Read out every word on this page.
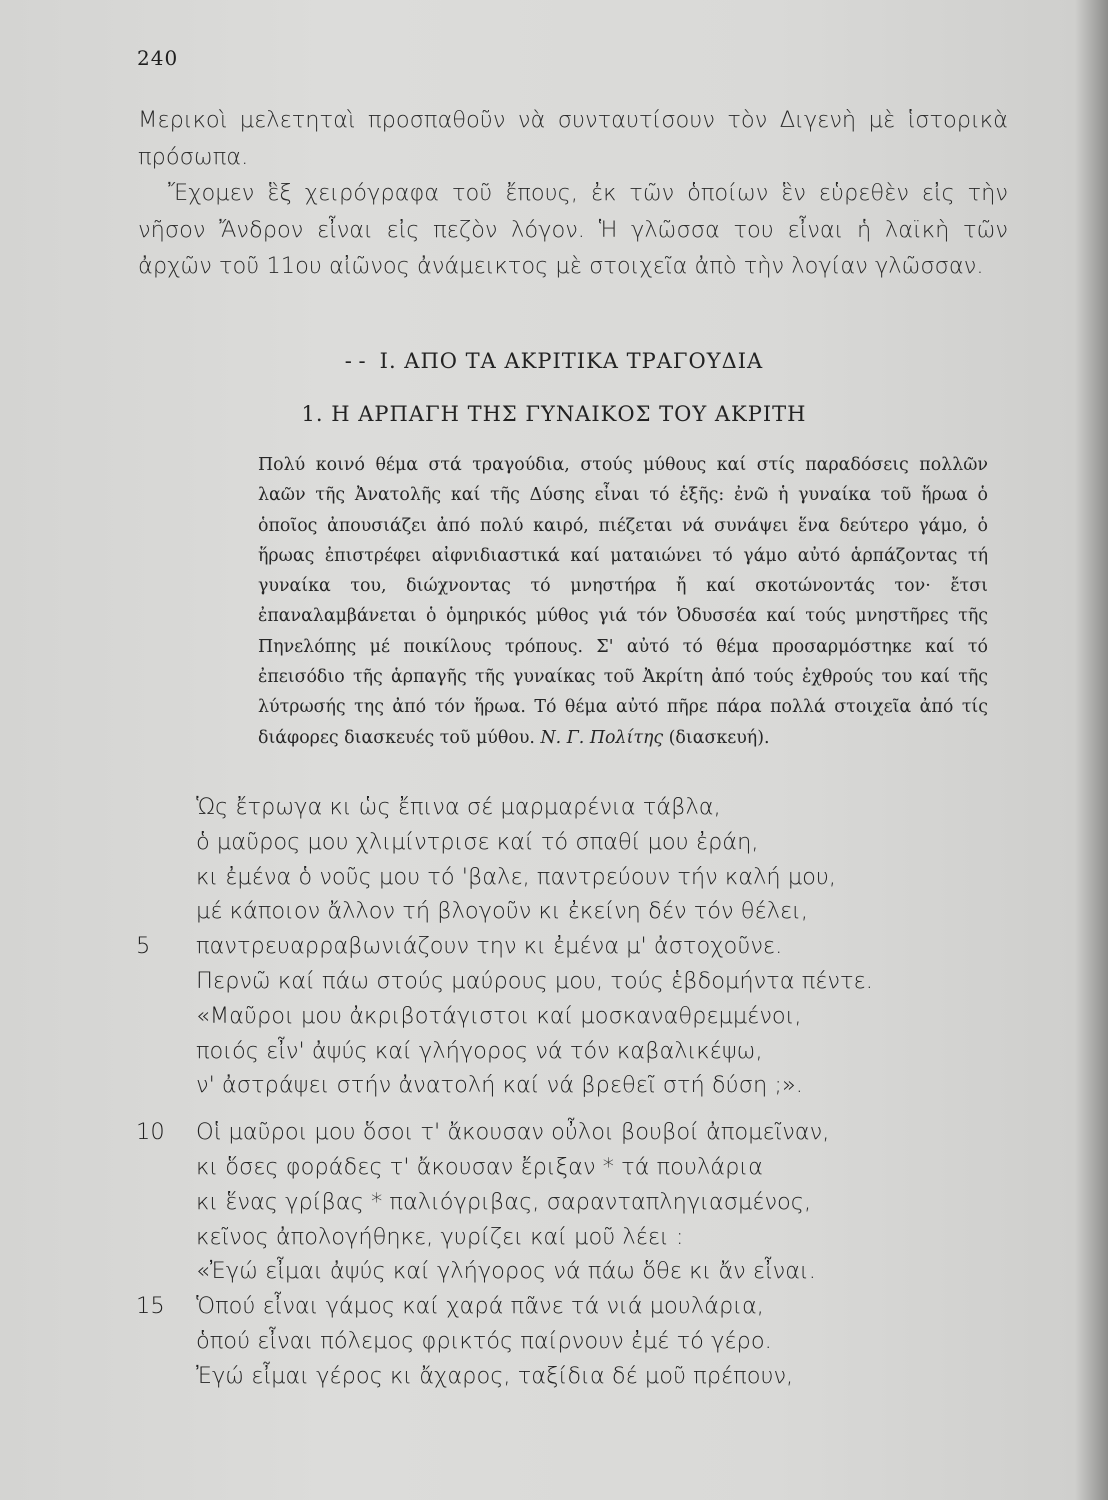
240

Μερικοὶ μελετηταὶ προσπαθοῦν νὰ συνταυτίσουν τὸν Διγενὴ μὲ ἱστορικὰ πρόσωπα.

Ἔχομεν ἓξ χειρόγραφα τοῦ ἔπους, ἐκ τῶν ὁποίων ἓν εὑρεθὲν εἰς τὴν νῆσον Ἄνδρον εἶναι εἰς πεζὸν λόγον. Ἡ γλῶσσα του εἶναι ἡ λαϊκὴ τῶν ἀρχῶν τοῦ 11ου αἰῶνος ἀνάμεικτος μὲ στοιχεῖα ἀπὸ τὴν λογίαν γλῶσσαν.

- - I. ΑΠΟ ΤΑ ΑΚΡΙΤΙΚΑ ΤΡΑΓΟΥΔΙΑ
1. Η ΑΡΠΑΓΗ ΤΗΣ ΓΥΝΑΙΚΟΣ ΤΟΥ ΑΚΡΙΤΗ

Πολύ κοινό θέμα στά τραγούδια, στούς μύθους καί στίς παραδόσεις πολλῶν λαῶν τῆς Ἀνατολῆς καί τῆς Δύσης εἶναι τό ἑξῆς: ἐνῶ ἡ γυναίκα τοῦ ἥρωα ὁ ὁποῖος ἀπουσιάζει ἀπό πολύ καιρό, πιέζεται νά συνάψει ἕνα δεύτερο γάμο, ὁ ἥρωας ἐπιστρέφει αἰφνιδιαστικά καί ματαιώνει τό γάμο αὐτό ἁρπάζοντας τή γυναίκα του, διώχνοντας τό μνηστήρα ἤ καί σκοτώνοντάς τον· ἔτσι ἐπαναλαμβάνεται ὁ ὁμηρικός μύθος γιά τόν Ὀδυσσέα καί τούς μνηστῆρες τῆς Πηνελόπης μέ ποικίλους τρόπους. Σ' αὐτό τό θέμα προσαρμόστηκε καί τό ἐπεισόδιο τῆς ἁρπαγῆς τῆς γυναίκας τοῦ Ἀκρίτη ἀπό τούς ἐχθρούς του καί τῆς λύτρωσής της ἀπό τόν ἥρωα. Τό θέμα αὐτό πῆρε πάρα πολλά στοιχεῖα ἀπό τίς διάφορες διασκευές τοῦ μύθου. Ν. Γ. Πολίτης (διασκευή).

Ὡς ἔτρωγα κι ὡς ἔπινα σέ μαρμαρένια τάβλα,
ὁ μαῦρος μου χλιμίντρισε καί τό σπαθί μου ἐράη,
κι ἐμένα ὁ νοῦς μου τό 'βαλε, παντρεύουν τήν καλή μου,
μέ κάποιον ἄλλον τή βλογοῦν κι ἐκείνη δέν τόν θέλει,
5	παντρευαρραβωνιάζουν την κι ἐμένα μ' ἀστοχοῦνε.
Περνῶ καί πάω στούς μαύρους μου, τούς ἑβδομήντα πέντε.
«Μαῦροι μου ἀκριβοτάγιστοι καί μοσκαναθρεμμένοι,
ποιός εἶν' ἀψύς καί γλήγορος νά τόν καβαλικέψω,
ν' ἀστράψει στήν ἀνατολή καί νά βρεθεῖ στή δύση ;».
10	Οἱ μαῦροι μου ὅσοι τ' ἄκουσαν οὖλοι βουβοί ἀπομεῖναν,
κι ὅσες φοράδες τ' ἄκουσαν ἔριξαν * τά πουλάρια
κι ἕνας γρίβας * παλιόγριβας, σαρανταπληγιασμένος,
κεῖνος ἀπολογήθηκε, γυρίζει καί μοῦ λέει :
«Ἐγώ εἶμαι ἀψύς καί γλήγορος νά πάω ὅθε κι ἄν εἶναι.
15	Ὁπού εἶναι γάμος καί χαρά πᾶνε τά νιά μουλάρια,
ὁπού εἶναι πόλεμος φρικτός παίρνουν ἐμέ τό γέρο.
Ἐγώ εἶμαι γέρος κι ἄχαρος, ταξίδια δέ μοῦ πρέπουν,
